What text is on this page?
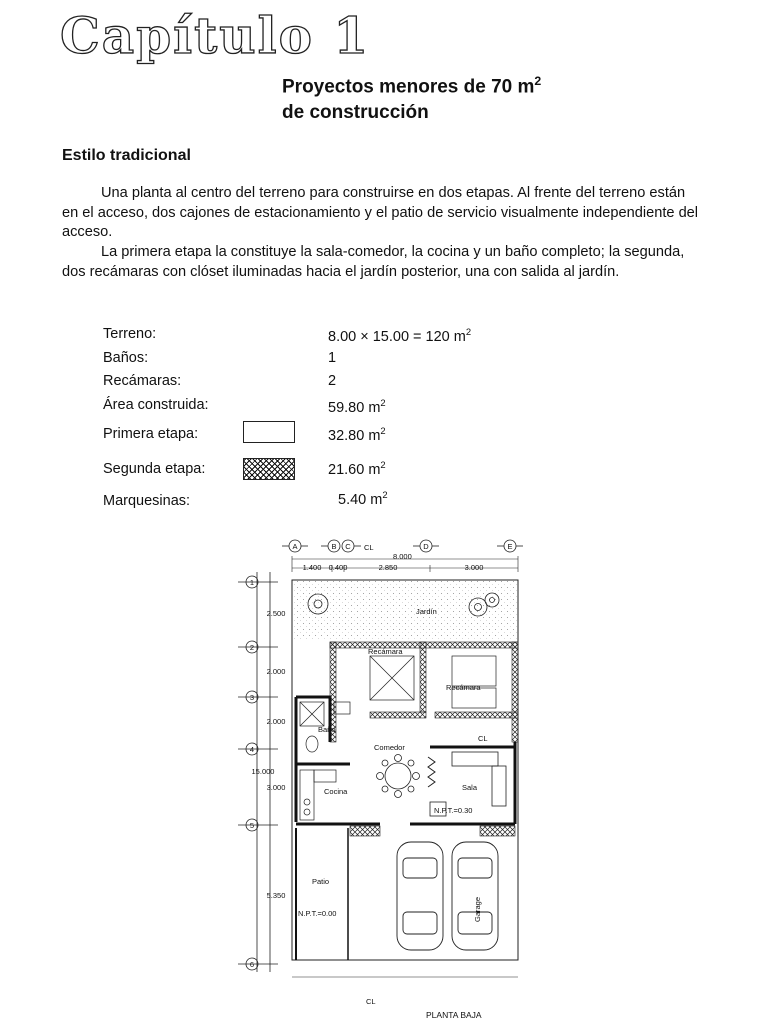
Capítulo 1
Proyectos menores de 70 $m^2$
de construcción
Estilo tradicional

Una planta al centro del terreno para construirse en dos etapas. Al frente del terreno están en el acceso, dos cajones de estacionamiento y el patio de servicio visualmente independiente del acceso.

La primera etapa la constituye la sala-comedor, la cocina y un baño completo; la segunda, dos recámaras con clóset iluminadas hacia el jardín posterior, una con salida al jardín.

Terreno:	8.00 × 15.00 = 120 $m^2$
Baños:	1
Recámaras:	2
Área construida:	59.80 $m^2$
Primera etapa:	32.80 $m^2$
Segunda etapa:	21.60 $m^2$
Marquesinas:	5.40 $m^2$
A	B C	D	E
CL
8.000
1.400 0.400	2.850	3.000
1
2
3
4
5
6
2.500
2.000
2.000
3.000
5.350
15.000
Jardín
Recámara
Recámara
CL
Baño
Comedor
Cocina	Sala
N.P.T.=0.30
Patio
N.P.T.=0.00	Garage
CL
PLANTA BAJA
